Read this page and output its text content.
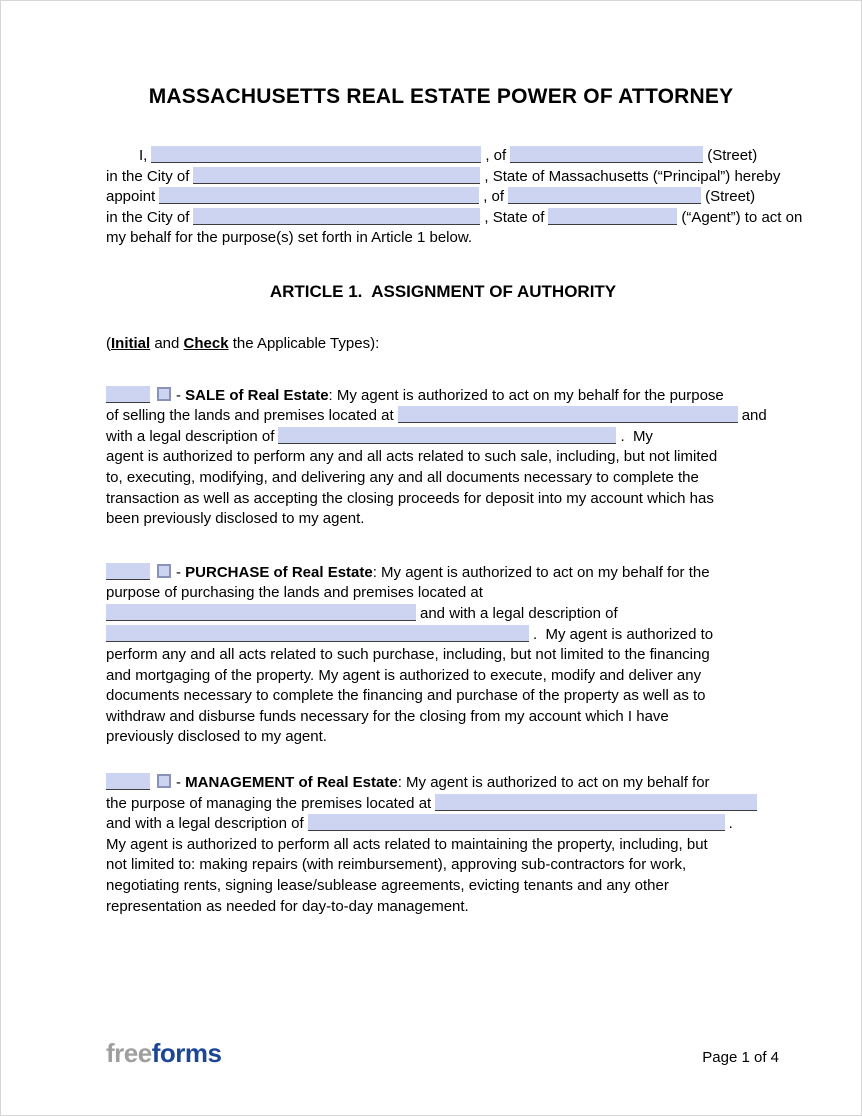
MASSACHUSETTS REAL ESTATE POWER OF ATTORNEY
I,	, of	(Street)
in the City of	, State of Massachusetts (“Principal”) hereby
appoint	, of	(Street)
in the City of	, State of	(“Agent”) to act on
my behalf for the purpose(s) set forth in Article 1 below.
ARTICLE 1.  ASSIGNMENT OF AUTHORITY
(Initial and Check the Applicable Types):
- SALE of Real Estate: My agent is authorized to act on my behalf for the purpose
of selling the lands and premises located at	and
with a legal description of	.  My
agent is authorized to perform any and all acts related to such sale, including, but not limited
to, executing, modifying, and delivering any and all documents necessary to complete the
transaction as well as accepting the closing proceeds for deposit into my account which has
been previously disclosed to my agent.
- PURCHASE of Real Estate: My agent is authorized to act on my behalf for the
purpose of purchasing the lands and premises located at
and with a legal description of
.  My agent is authorized to
perform any and all acts related to such purchase, including, but not limited to the financing
and mortgaging of the property. My agent is authorized to execute, modify and deliver any
documents necessary to complete the financing and purchase of the property as well as to
withdraw and disburse funds necessary for the closing from my account which I have
previously disclosed to my agent.
- MANAGEMENT of Real Estate: My agent is authorized to act on my behalf for
the purpose of managing the premises located at
and with a legal description of	.
My agent is authorized to perform all acts related to maintaining the property, including, but
not limited to: making repairs (with reimbursement), approving sub-contractors for work,
negotiating rents, signing lease/sublease agreements, evicting tenants and any other
representation as needed for day-to-day management.
freeforms	Page 1 of 4
